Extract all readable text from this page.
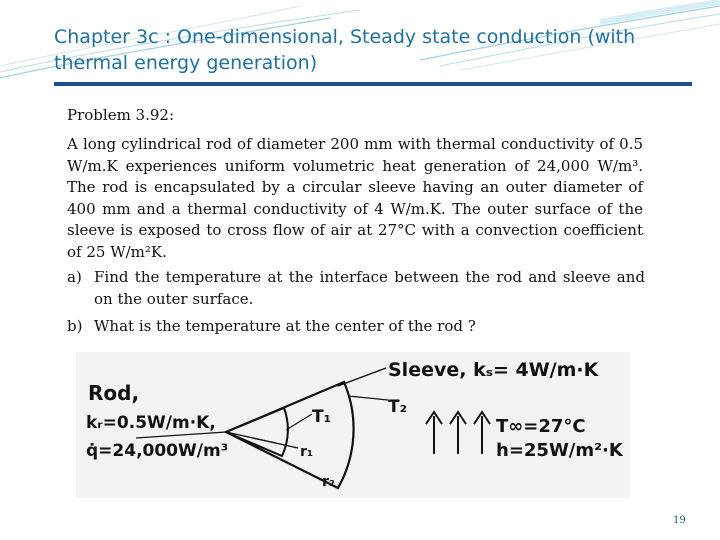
Chapter 3c : One-dimensional, Steady state conduction (with thermal energy generation)
Problem 3.92:
A long cylindrical rod of diameter 200 mm with thermal conductivity of 0.5 W/m.K experiences uniform volumetric heat generation of 24,000 W/m³. The rod is encapsulated by a circular sleeve having an outer diameter of 400 mm and a thermal conductivity of 4 W/m.K. The outer surface of the sleeve is exposed to cross flow of air at 27°C with a convection coefficient of 25 W/m²K.
a) Find the temperature at the interface between the rod and sleeve and on the outer surface.
b) What is the temperature at the center of the rod ?
Rod,
kᵣ=0.5W/m·K,
q̇=24,000W/m³
Sleeve, kₛ= 4W/m·K
T₁	T₂
r₁
r₂
T∞=27°C
h=25W/m²·K
19
